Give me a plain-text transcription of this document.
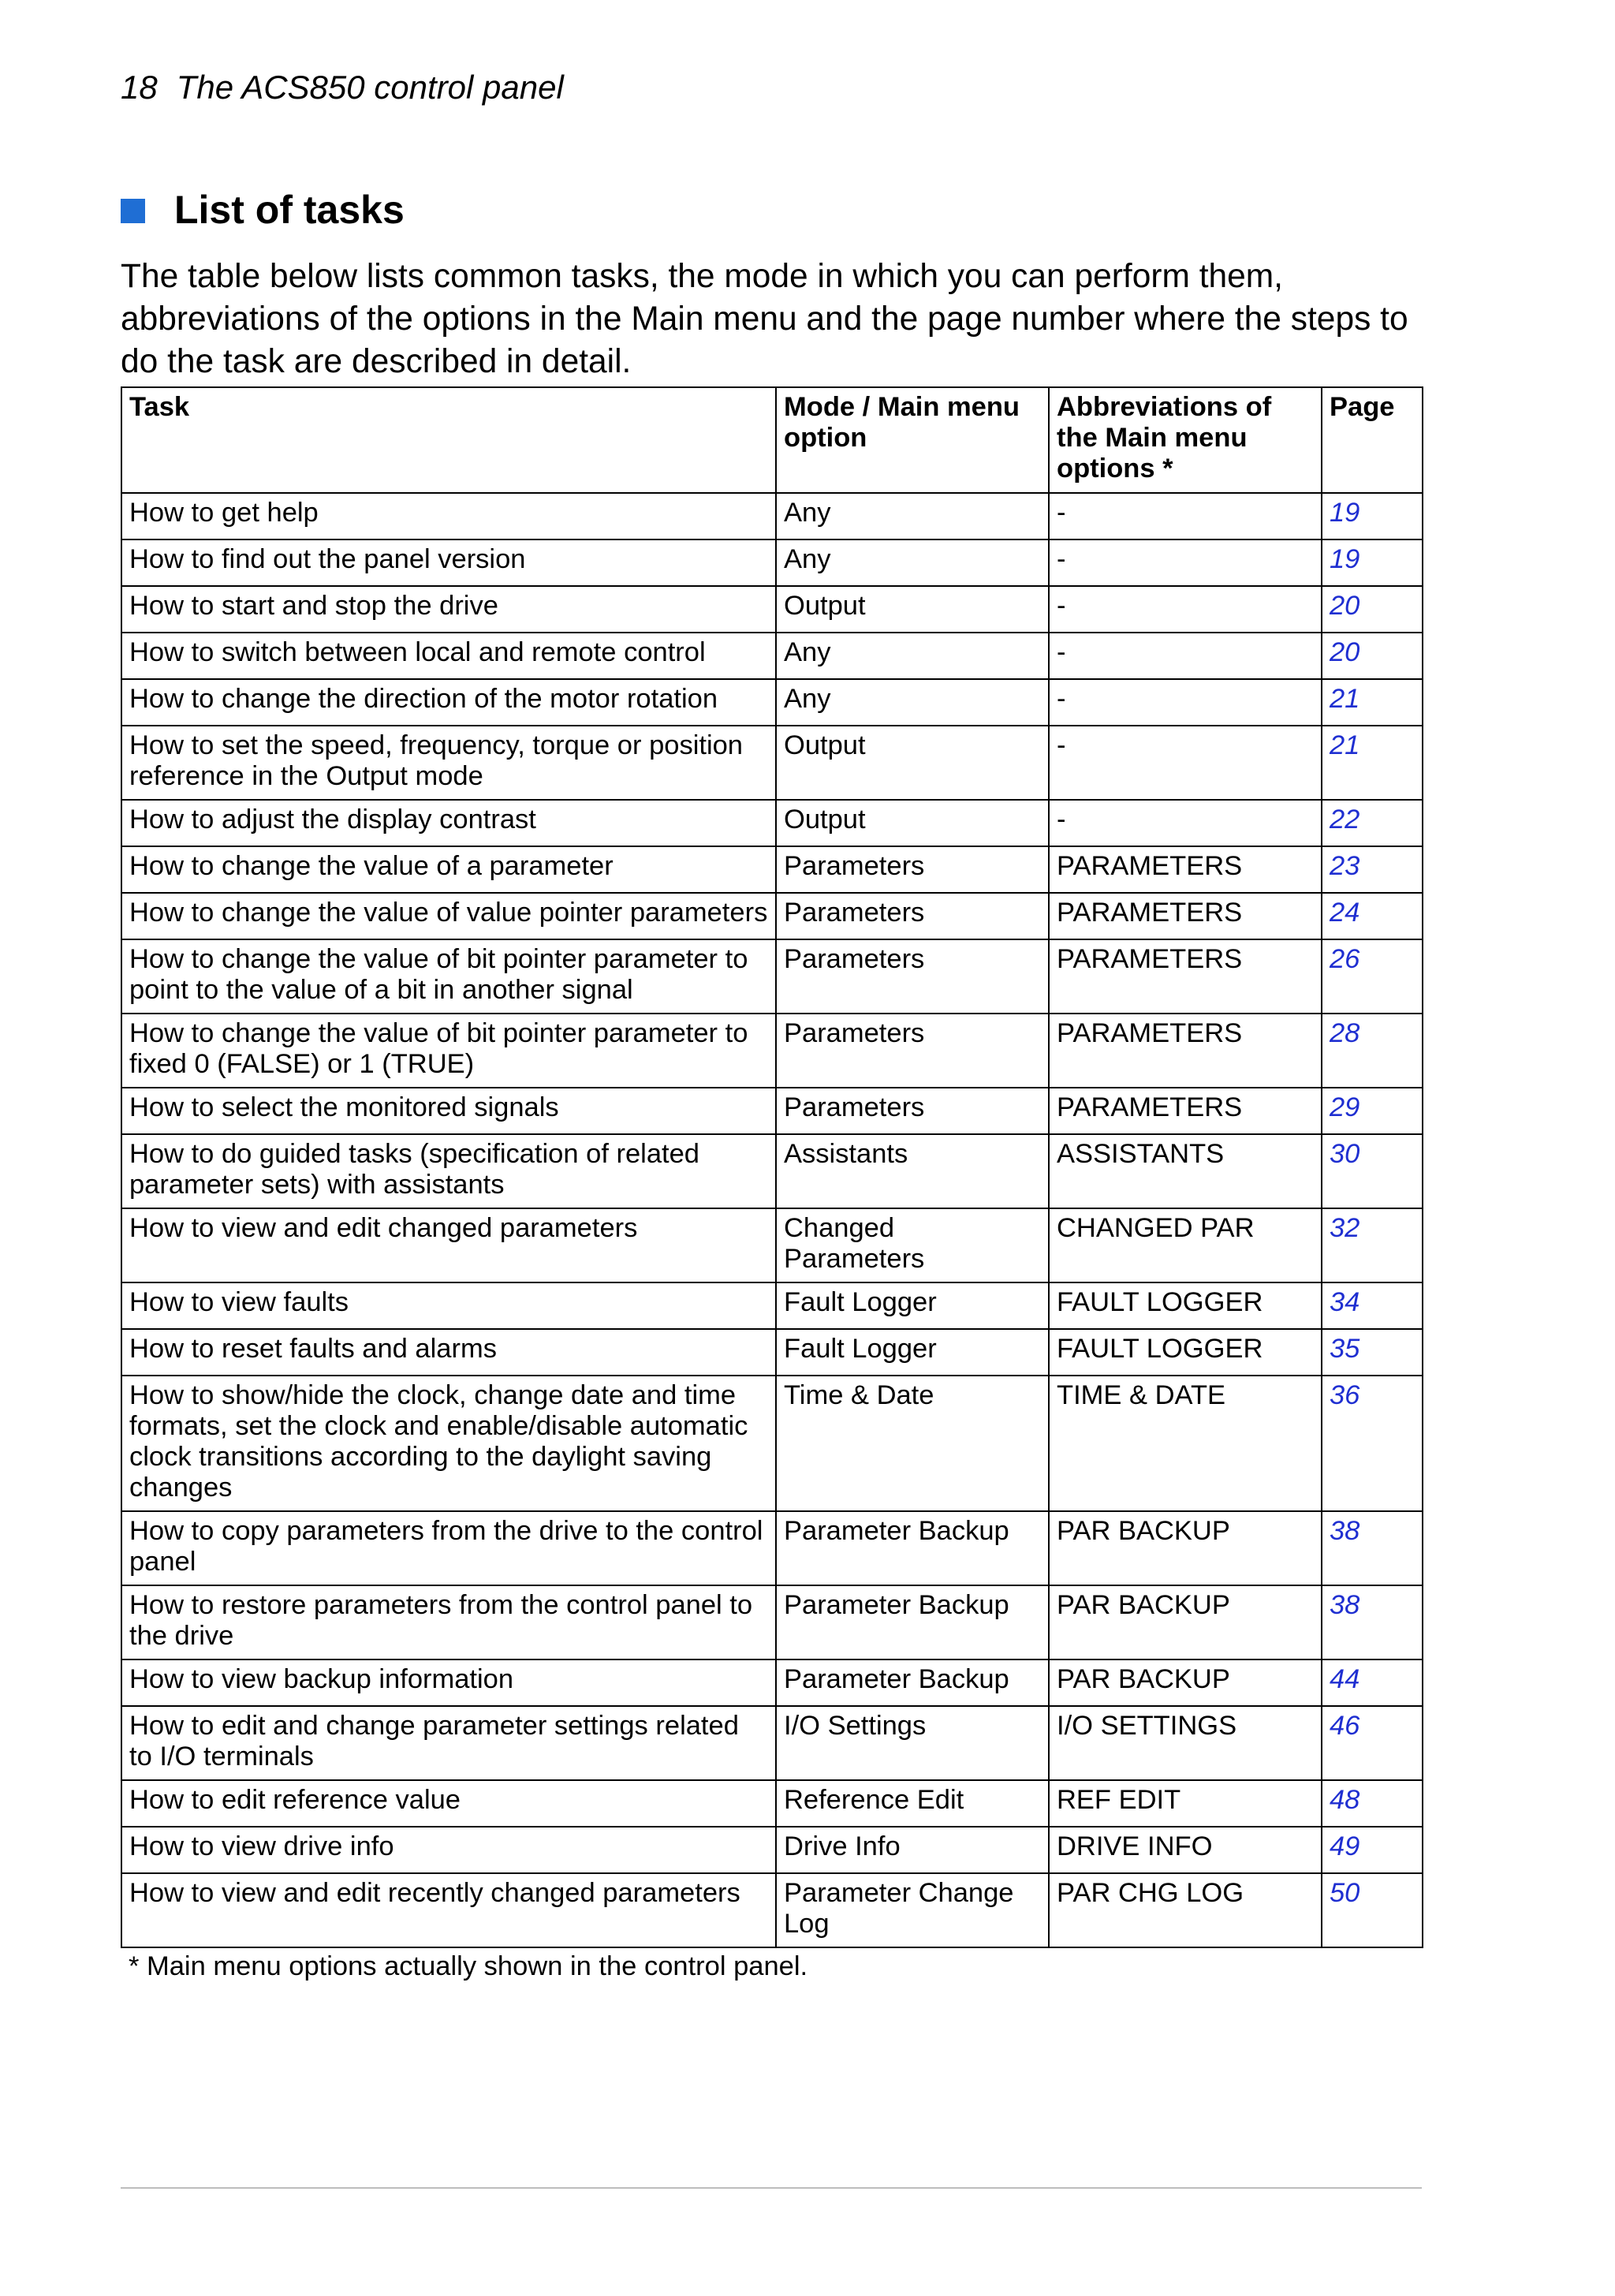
18 The ACS850 control panel
List of tasks

The table below lists common tasks, the mode in which you can perform them, abbreviations of the options in the Main menu and the page number where the steps to do the task are described in detail.

Task	Mode / Main menu option	Abbreviations of the Main menu options *	Page
How to get help	Any	-	19
How to find out the panel version	Any	-	19
How to start and stop the drive	Output	-	20
How to switch between local and remote control	Any	-	20
How to change the direction of the motor rotation	Any	-	21
How to set the speed, frequency, torque or position reference in the Output mode	Output	-	21
How to adjust the display contrast	Output	-	22
How to change the value of a parameter	Parameters	PARAMETERS	23
How to change the value of value pointer parameters	Parameters	PARAMETERS	24
How to change the value of bit pointer parameter to point to the value of a bit in another signal	Parameters	PARAMETERS	26
How to change the value of bit pointer parameter to fixed 0 (FALSE) or 1 (TRUE)	Parameters	PARAMETERS	28
How to select the monitored signals	Parameters	PARAMETERS	29
How to do guided tasks (specification of related parameter sets) with assistants	Assistants	ASSISTANTS	30
How to view and edit changed parameters	Changed Parameters	CHANGED PAR	32
How to view faults	Fault Logger	FAULT LOGGER	34
How to reset faults and alarms	Fault Logger	FAULT LOGGER	35
How to show/hide the clock, change date and time formats, set the clock and enable/disable automatic clock transitions according to the daylight saving changes	Time & Date	TIME & DATE	36
How to copy parameters from the drive to the control panel	Parameter Backup	PAR BACKUP	38
How to restore parameters from the control panel to the drive	Parameter Backup	PAR BACKUP	38
How to view backup information	Parameter Backup	PAR BACKUP	44
How to edit and change parameter settings related to I/O terminals	I/O Settings	I/O SETTINGS	46
How to edit reference value	Reference Edit	REF EDIT	48
How to view drive info	Drive Info	DRIVE INFO	49
How to view and edit recently changed parameters	Parameter Change Log	PAR CHG LOG	50
* Main menu options actually shown in the control panel.
